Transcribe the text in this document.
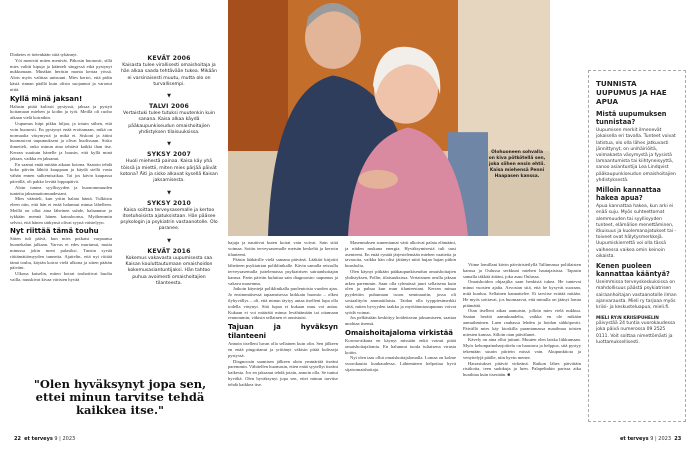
Diabetes ei tietenkään siitä tykännyt.

Yöt menivät miten menivät. Päkosin huonosti, sillä mies valitti kipuja ja käänteli sängyssä eikä pystynyt nukkumaan. Minäkin heräsin monta kertaa yössä. Alois myös valittaa unisuuni. Mies kertoi, että pidin käsiä rinnan päällä kuin olisin suojannut ja varonut niitä.

Kyllä minä jaksan!

Halusin pitää kulissit pystyssä, jaksaa ja pystyä hoitamaan miehen ja kodin ja työt. Meillä oli ruoho aikaan vielä koiratkin.

Uupumus hiipi pikku hiljaa, ja totuin siihen, että voin huonosti. En pystynyt enää erottamaan, mikä on normaalia väsymystä ja mikä ei. Siskoni ja äitini huomasivat uupumukseni ja olivat huolissaan. Sisko ihmetteli, onko minun aina tehtävä kaikki ihan itse. Kerran suuttuin hänelle ja huusin, että kyllä minä jaksan, vaikka en jaksanut.

En saanut enää mitään aikaan kotona. Saatoin tehdä koko päivän lähtöä kauppaan ja käydä siellä vasta vähän ennen sulkemisaikaa. Tai jos kävin kaupassa päivällä, oli pakko levätä loppupäivä.

Aloin tuntea syyllisyyden ja huonommuuden tunteita jaksamattomuudestani.

Mies väänteli, kun yritin halata häntä. Tulkitsin eleen niin, että hän ei enää halunnut minua lähelleen. Meillä on ollut aina läheinen suhde, halaamme ja tykkään mennä hänen kainaloonsa. Myöhemmin selvisi, että hänen särkynsä olivat syynä väistelyyn.

Nyt riittää tämä touhu

Sitten tuli päivä, kun mies potkaisi varpaansa huonekalun jalkaan. Varvas ei edes murtunut, mutta minussa jokin meni palasiksi. Tunsin syvää riittämättömyyden tunnetta. Ajattelin, että nyt riittää tämä touhu, käytän koirat vielä ulkona ja sitten päätän päiväni.

Ulkona katselin, miten koirat touhottivat huolta vailla, nuuskivat kivaa väristen hyvää

KEVÄT 2006

Kaisasta tulee virallisesti omaishoitaja ja hän alkaa saada tehtävään tukea. Mikään ei varsinaisesti muutu, mutta olo on turvallisempi.

▼
TALVI 2006

Vertaistuki tulee tutuksi muutenkin kuin sanana. Kaisa alkaa käydä pääkaupunkiseudun omaishoitajien yhdistyksen tilaisuuksissa.

▼
SYKSY 2007

Huoli miehestä painaa. Kaisa käy yhä töissä ja miettii, miten mies pärjää päivät kotona? Äiti ja sisko alkavat kysellä Kaisan jaksamisesta.

▼
SYKSY 2010

Kaisa soittaa terveysasemalle ja kertoo itsetuhoisista ajatuksistaan. Hän pääsee psykologin ja psykiatrin vastaanotolle. Olo paranee.

▼
KEVÄT 2016

Kokemus vakavasta uupumisesta saa Kaisan kouluttautumaan omaishoidon kokemusasiantuntijaksi. Hän tahtoo puhua avoimesti omaishoitajien tilanteesta.

"Olen hyväksynyt jopa sen, ettei minun tarvitse tehdä kaikkea itse."
22 et terveys 9 | 2023
Olohuoneen sohvalla on kiva pötkötellä sen, joka siihen ensin ehtii. Kaisa miehensä Penni Haapasen kanssa.

hajuja ja nauttivat kuten koirat vain voivat. Sain siitä voimaa. Soitin terveysasemalle metsän keskeltä ja kerroin tilanteeni.

Pääsin lääkärille vielä samana päivänä. Lääkäri kirjoitti lähetteen psykiatrian poliklinikalle. Kävin samalla reissulla terveysasemalla juttelemassa psykiatrisen sairaanhoitajan kanssa. Parin päivän kuluttua sain diagnoosin: uupumus ja vakava masennus.

Jatkoin käyntejä poliklinikalla puolentoista vuoden ajan. Jo ensimmäisessä tapaamisessa kirkkain huomio – olkea ilyhyvällys – oli, että minun täytyy antaa itselleni lupa olla todella väsynyt. Sitä lupaa ei kukaan muu voi antaa. Kukaan ei voi määrätä minua levähtämään tai ottamaan rennommin, väkisin sellainen ei onnistuisi.

Tajuan ja hyväksyn tilanteeni

Annoin itselleni luvan olla sellainen kuin olin. Sen jälkeen en enää pingottanut ja yrittänyt väkisin pitää kulisseja pystyssä.

Diagnoosin saamisen jälkeen aloin ymmärtää itseäni paremmin. Vähitellen huomasin, etten enää syytellyt itseäni kaikesta. Jos en jaksanut tehdä jotain, annoin olla. Se tuntui hyvältä. Olen hyväksynyt jopa sen, ettei minun tarvitse tehdä kaikkea itse.

Masennuksen sumentamat värit alkoivat palata elämääni, ja niiden mukana energia. Hyväksymisestä tuli uusi asenteeni. En enää ryntää järjestelemään miehen vaatteita ja tavaroita, vaikka hän olisi jättänyt niitä hujan hajan pitkin huusholia.

Olen käynyt pitkään pääkaupunkiseudun omaishoitajien yhdistyksen, Pollin, tilaisuuksissa. Vertaistuen avulla jaksan arkea paremmin. Saan olla ryhmässä juuri sellaisena kuin olen ja puhua kun mun tilanteestani. Kerran minua pyydettiin puhumaan isoon seminaariin, jossa oli sosiaalityön ammattilaisia. Taidan olla tyyppiesimerkki siitä, miten hyvyyden taakka ja myötätuntouupumus voivat syödä voimat.

Jos pelkästään keskittyy hoidettavan jaksamiseen, saattaa unohtaa itsensä.

Omaishoitajaloma virkistää

Korona-aikana en käynyt missään enkä voinut pitää omaishoitajalomia. En halunnut tuoda tuliaisena virusta kotiin.

Nyt olen taas ollut omaishoitajalomalla. Lomaa on kolme vuorokautta kuukaudessa. Lähteminen helpottaa hyvä sijaisomaishoitaja.

Viime lomillani kävin päiväristeilyllä Tallinnassa poliilaisten kanssa ja Oulussa serkkuni miehen hautajaisissa. Tapasin samalla iäkkää äitiäni, joka asuu Oulussa.

Omaishoidon ohjaajilta saan henkistä tukea. He tuntevat minut vuosien ajalta. Arvostan sitä, että he kysyvät suoraan, mitä kuuluu. Sellainen kannattelee. Ei tarvitse esittää mitään. He myös soittavat, jos huomaavat, että minulla on jäänyt lomia pitämättä.

Otan itselleni aikaa aamuisin, jolloin mies vielä nukkuu. Saatan herätä aamukuudelta, vaikka en ole mikään aamuihminen. Luen rauhassa lehden ja hoidan sähköpostit. Päivällä mies käy kioskilla parantamassa maailmaa toisten miesten kanssa. Silloin otan päivälunet.

Kävely on aina ollut juttuni. Muuten olen laiska liikkumaan. Myös kehonpainoharjoittelu on haastava ja helppoa, sitä pystyy tekemään suurin piirtein missä vain. Akupunktiota ja venyttelyjä päälle, niin hyvin menee.

Harrastukset pitävät virkeänä. Ratkon lähes päivittäin ristikoita, teen sudokuja ja luen. Palapelinkin parissa aika hurahtaa kuin itsestään. ■

TUNNISTA UUPUMUS JA HAE APUA
Mistä uupumuksen tunnistaa?

Uupumisen merkit ilmenevät jokaisella eri tavalla. Tunteet voivat latistua, olo olla lähes jatkuvasti jännittynyt, on unihäiriöitä, voimakasta väsymystä ja fyysistä lamaantumista tai kiihtyneisyyttä, sanoo asiantuntija Lea Lindqvist pääkaupunkiseudun omaishoitajien yhdistyksestä.

Milloin kannattaa hakea apua?

Apua kannattaa hakea, kun arki ei enää suju. Myös suhteettomat alemmuuden tai syyllisyyden tunteet, elämälion menettäminen, itkuisuus ja kuolemanajatukset tai -toiveet ovat hälytysmerkkejä. Uupumiskierrettä voi olla tässä vaiheessa vaikea omin keinoin oikaista.

Kenen puoleen kannattaa kääntyä?

Useimmissa terveyskeskuksissa on mahdollisuus päästä psykiatrisen sairaanhoitajan vastaanotolle ilman ajanvarausta. Mieli ry tarjoaa myös kriisi- ja keskusteluapua, mieli.fi.

MIELI RY:N KRIISIPUHELIN

päivystää 24 tuntia vuorokaudessa joka päivä numerossa 09 2525 0111. Voit soittaa nimettömästi ja luottamuksellisesti.

et terveys 9 | 2023 23
